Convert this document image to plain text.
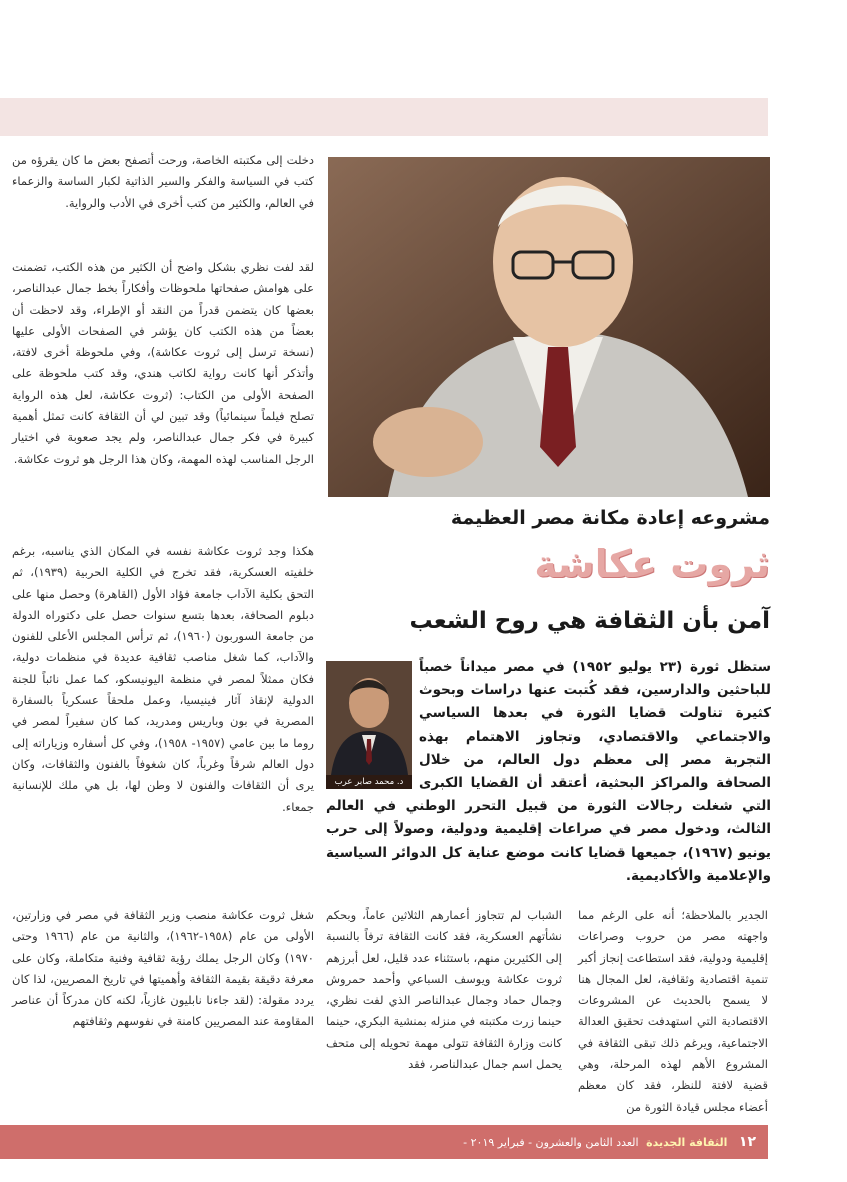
دخلت إلى مكتبته الخاصة، ورحت أتصفح بعض ما كان يقرؤه من كتب في السياسة والفكر والسير الذاتية لكبار الساسة والزعماء في العالم، والكثير من كتب أخرى في الأدب والرواية.
لقد لفت نظري بشكل واضح أن الكثير من هذه الكتب، تضمنت على هوامش صفحاتها ملحوظات وأفكاراً بخط جمال عبدالناصر، بعضها كان يتضمن قدراً من النقد أو الإطراء، وقد لاحظت أن بعضاً من هذه الكتب كان يؤشر في الصفحات الأولى عليها (نسخة ترسل إلى ثروت عكاشة)، وفي ملحوظة أخرى لافتة، وأتذكر أنها كانت رواية لكاتب هندي، وقد كتب ملحوظة على الصفحة الأولى من الكتاب: (ثروت عكاشة، لعل هذه الرواية تصلح فيلماً سينمائياً) وقد تبين لي أن الثقافة كانت تمثل أهمية كبيرة في فكر جمال عبدالناصر، ولم يجد صعوبة في اختيار الرجل المناسب لهذه المهمة، وكان هذا الرجل هو ثروت عكاشة.
هكذا وجد ثروت عكاشة نفسه في المكان الذي يناسبه، برغم خلفيته العسكرية، فقد تخرج في الكلية الحربية (١٩٣٩)، ثم التحق بكلية الآداب جامعة فؤاد الأول (القاهرة) وحصل منها على دبلوم الصحافة، بعدها بتسع سنوات حصل على دكتوراه الدولة من جامعة السوربون (١٩٦٠)، ثم ترأس المجلس الأعلى للفنون والآداب، كما شغل مناصب ثقافية عديدة في منظمات دولية، فكان ممثلاً لمصر في منظمة اليونيسكو، كما عمل نائباً للجنة الدولية لإنقاذ آثار فينيسيا، وعمل ملحقاً عسكرياً بالسفارة المصرية في بون وباريس ومدريد، كما كان سفيراً لمصر في روما ما بين عامي (١٩٥٧- ١٩٥٨)، وفي كل أسفاره وزياراته إلى دول العالم شرقاً وغرباً، كان شغوفاً بالفنون والثقافات، وكان يرى أن الثقافات والفنون لا وطن لها، بل هي ملك للإنسانية جمعاء.
شغل ثروت عكاشة منصب وزير الثقافة في مصر في وزارتين، الأولى من عام (١٩٥٨-١٩٦٢)، والثانية من عام (١٩٦٦ وحتى ١٩٧٠) وكان الرجل يملك رؤية ثقافية وفنية متكاملة، وكان على معرفة دقيقة بقيمة الثقافة وأهميتها في تاريخ المصريين، لذا كان يردد مقولة: (لقد جاءنا نابليون غازياً، لكنه كان مدركاً أن عناصر المقاومة عند المصريين كامنة في نفوسهم وثقافتهم
مشروعه إعادة مكانة مصر العظيمة
ثروت عكاشة
آمن بأن الثقافة هي روح الشعب
ستظل ثورة (٢٣ يوليو ١٩٥٢) في مصر ميداناً خصباً للباحثين والدارسين، فقد كُتبت عنها دراسات وبحوث كثيرة تناولت قضايا الثورة في بعدها السياسي والاجتماعي والاقتصادي، وتجاوز الاهتمام بهذه التجربة مصر إلى معظم دول العالم، من خلال الصحافة والمراكز البحثية، أعتقد أن القضايا الكبرى التي شغلت رجالات الثورة من قبيل التحرر الوطني في العالم الثالث، ودخول مصر في صراعات إقليمية ودولية، وصولاً إلى حرب يونيو (١٩٦٧)، جميعها قضايا كانت موضع عناية كل الدوائر السياسية والإعلامية والأكاديمية.
د. محمد صابر عرب
الجدير بالملاحظة؛ أنه على الرغم مما واجهته مصر من حروب وصراعات إقليمية ودولية، فقد استطاعت إنجاز أكبر تنمية اقتصادية وثقافية، لعل المجال هنا لا يسمح بالحديث عن المشروعات الاقتصادية التي استهدفت تحقيق العدالة الاجتماعية، ويرغم ذلك تبقى الثقافة في المشروع الأهم لهذه المرحلة، وهي قضية لافتة للنظر، فقد كان معظم أعضاء مجلس قيادة الثورة من
الشباب لم تتجاوز أعمارهم الثلاثين عاماً، وبحكم نشأتهم العسكرية، فقد كانت الثقافة ترفاً بالنسبة إلى الكثيرين منهم، باستثناء عدد قليل، لعل أبرزهم ثروت عكاشة ويوسف السباعي وأحمد حمروش وجمال حماد وجمال عبدالناصر الذي لفت نظري، حينما زرت مكتبته في منزله بمنشية البكري، حينما كانت وزارة الثقافة تتولى مهمة تحويله إلى متحف يحمل اسم جمال عبدالناصر، فقد
١٢ الثقافة الجديدة العدد الثامن والعشرون - فبراير ٢٠١٩ -
